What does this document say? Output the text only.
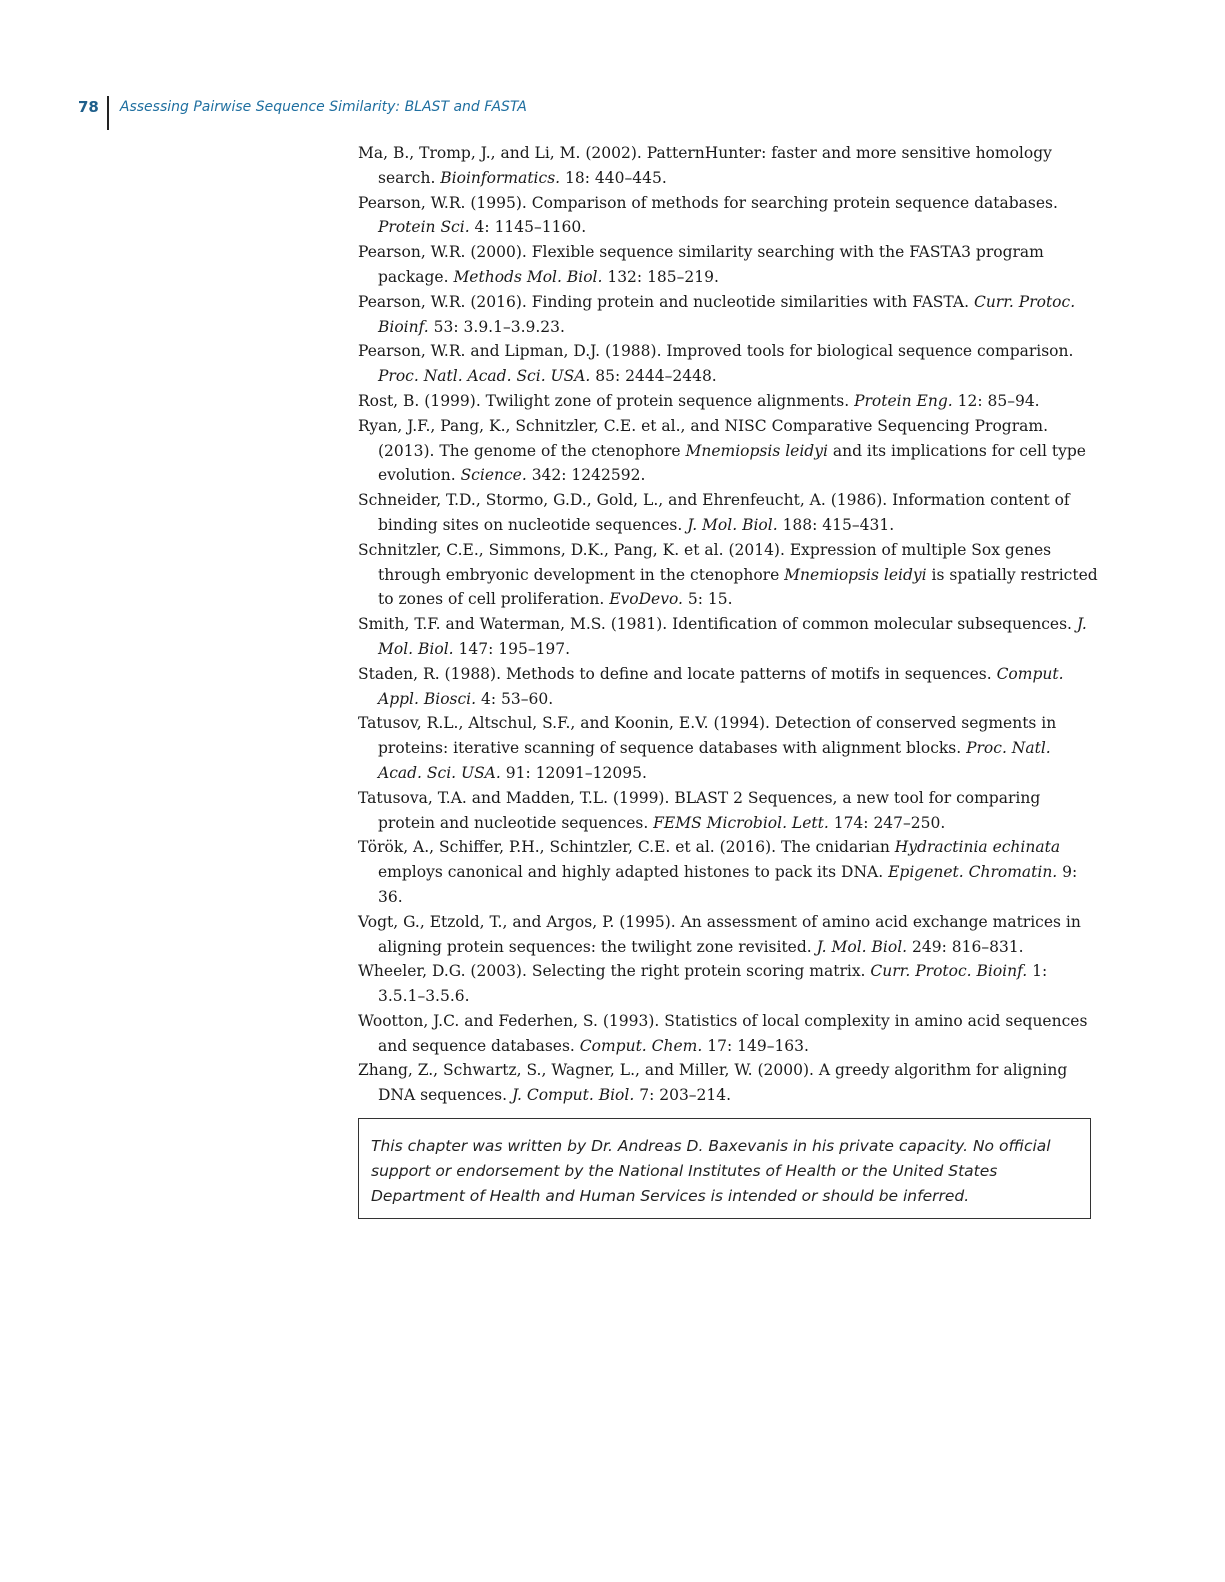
78	Assessing Pairwise Sequence Similarity: BLAST and FASTA

Ma, B., Tromp, J., and Li, M. (2002). PatternHunter: faster and more sensitive homology search. Bioinformatics. 18: 440–445.

Pearson, W.R. (1995). Comparison of methods for searching protein sequence databases. Protein Sci. 4: 1145–1160.

Pearson, W.R. (2000). Flexible sequence similarity searching with the FASTA3 program package. Methods Mol. Biol. 132: 185–219.

Pearson, W.R. (2016). Finding protein and nucleotide similarities with FASTA. Curr. Protoc. Bioinf. 53: 3.9.1–3.9.23.

Pearson, W.R. and Lipman, D.J. (1988). Improved tools for biological sequence comparison. Proc. Natl. Acad. Sci. USA. 85: 2444–2448.

Rost, B. (1999). Twilight zone of protein sequence alignments. Protein Eng. 12: 85–94.

Ryan, J.F., Pang, K., Schnitzler, C.E. et al., and NISC Comparative Sequencing Program. (2013). The genome of the ctenophore Mnemiopsis leidyi and its implications for cell type evolution. Science. 342: 1242592.

Schneider, T.D., Stormo, G.D., Gold, L., and Ehrenfeucht, A. (1986). Information content of binding sites on nucleotide sequences. J. Mol. Biol. 188: 415–431.

Schnitzler, C.E., Simmons, D.K., Pang, K. et al. (2014). Expression of multiple Sox genes through embryonic development in the ctenophore Mnemiopsis leidyi is spatially restricted to zones of cell proliferation. EvoDevo. 5: 15.

Smith, T.F. and Waterman, M.S. (1981). Identification of common molecular subsequences. J. Mol. Biol. 147: 195–197.

Staden, R. (1988). Methods to define and locate patterns of motifs in sequences. Comput. Appl. Biosci. 4: 53–60.

Tatusov, R.L., Altschul, S.F., and Koonin, E.V. (1994). Detection of conserved segments in proteins: iterative scanning of sequence databases with alignment blocks. Proc. Natl. Acad. Sci. USA. 91: 12091–12095.

Tatusova, T.A. and Madden, T.L. (1999). BLAST 2 Sequences, a new tool for comparing protein and nucleotide sequences. FEMS Microbiol. Lett. 174: 247–250.

Török, A., Schiffer, P.H., Schintzler, C.E. et al. (2016). The cnidarian Hydractinia echinata employs canonical and highly adapted histones to pack its DNA. Epigenet. Chromatin. 9: 36.

Vogt, G., Etzold, T., and Argos, P. (1995). An assessment of amino acid exchange matrices in aligning protein sequences: the twilight zone revisited. J. Mol. Biol. 249: 816–831.

Wheeler, D.G. (2003). Selecting the right protein scoring matrix. Curr. Protoc. Bioinf. 1: 3.5.1–3.5.6.

Wootton, J.C. and Federhen, S. (1993). Statistics of local complexity in amino acid sequences and sequence databases. Comput. Chem. 17: 149–163.

Zhang, Z., Schwartz, S., Wagner, L., and Miller, W. (2000). A greedy algorithm for aligning DNA sequences. J. Comput. Biol. 7: 203–214.

This chapter was written by Dr. Andreas D. Baxevanis in his private capacity. No official support or endorsement by the National Institutes of Health or the United States Department of Health and Human Services is intended or should be inferred.
